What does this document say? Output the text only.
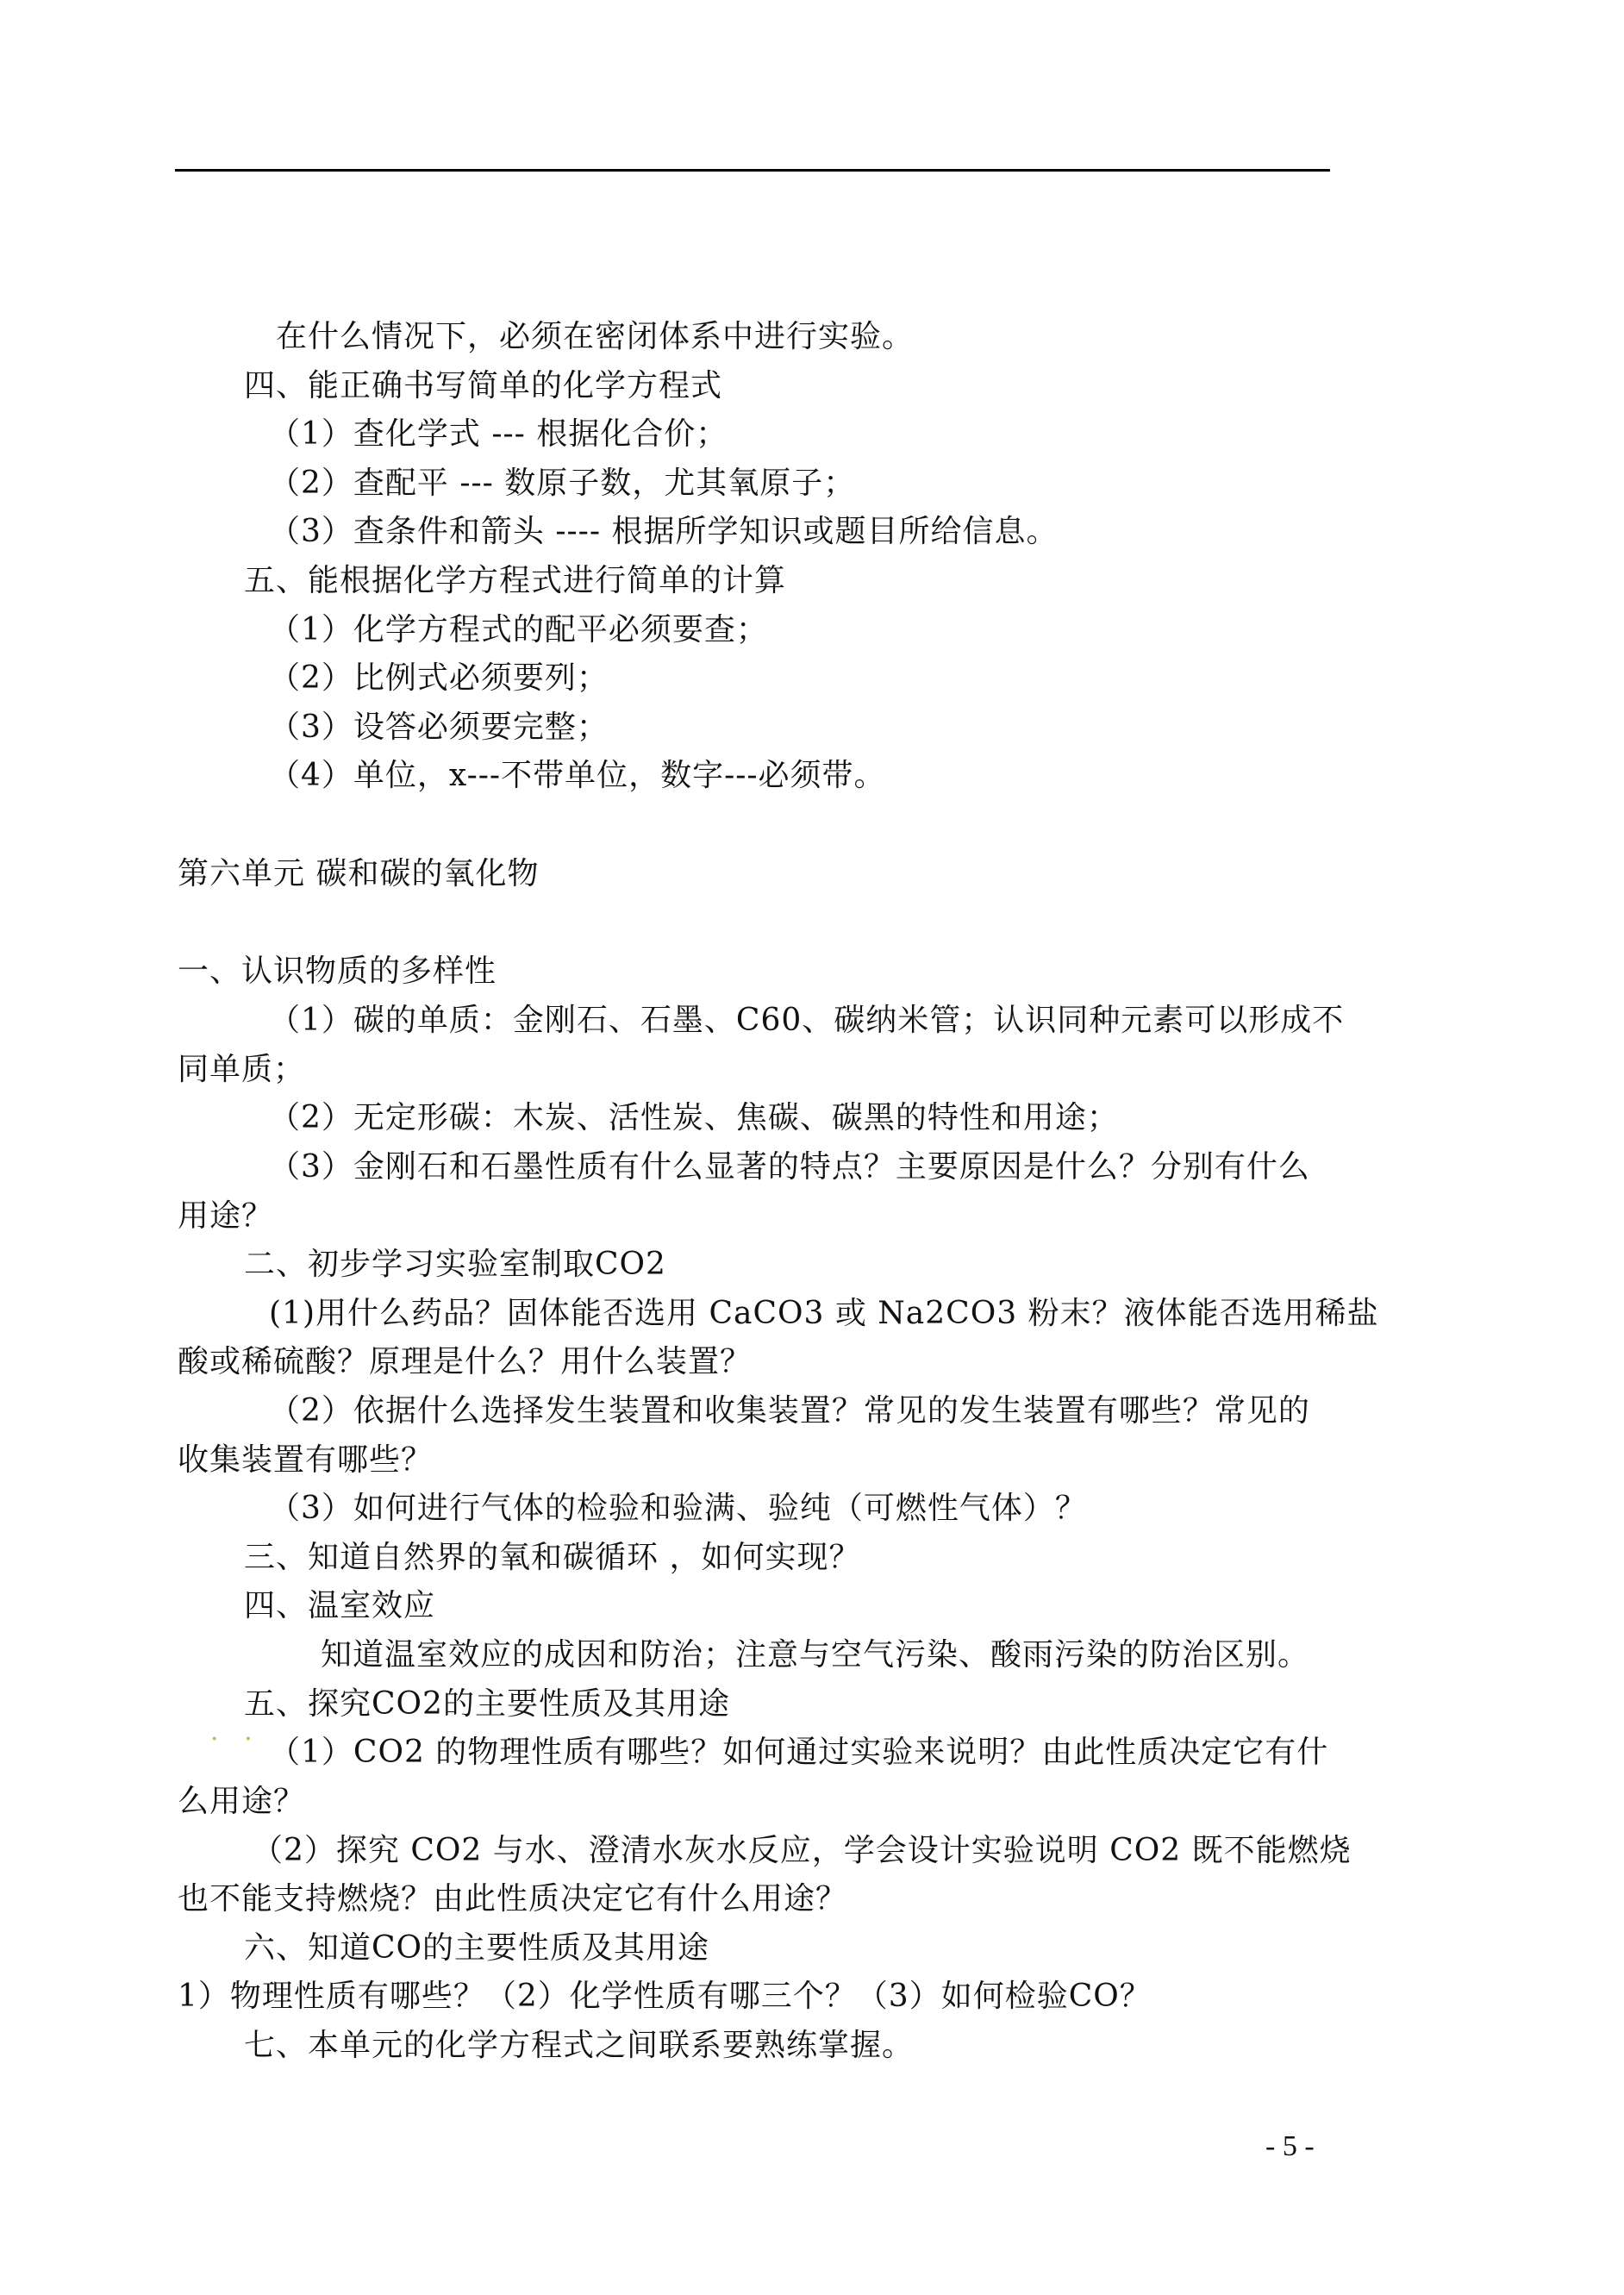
在什么情况下，必须在密闭体系中进行实验。
四、能正确书写简单的化学方程式
（1）查化学式 --- 根据化合价；
（2）查配平 --- 数原子数，尤其氧原子；
（3）查条件和箭头 ---- 根据所学知识或题目所给信息。
五、能根据化学方程式进行简单的计算
（1）化学方程式的配平必须要查；
（2）比例式必须要列；
（3）设答必须要完整；
（4）单位，x---不带单位，数字---必须带。
第六单元 碳和碳的氧化物
一、认识物质的多样性
（1）碳的单质：金刚石、石墨、C60、碳纳米管；认识同种元素可以形成不
同单质；
（2）无定形碳：木炭、活性炭、焦碳、碳黑的特性和用途；
（3）金刚石和石墨性质有什么显著的特点？主要原因是什么？分别有什么
用途？
二、初步学习实验室制取CO2
(1)用什么药品？固体能否选用 CaCO3 或 Na2CO3 粉末？液体能否选用稀盐
酸或稀硫酸？原理是什么？用什么装置？
（2）依据什么选择发生装置和收集装置？常见的发生装置有哪些？常见的
收集装置有哪些？
（3）如何进行气体的检验和验满、验纯（可燃性气体）？
三、知道自然界的氧和碳循环 ，如何实现？
四、温室效应
知道温室效应的成因和防治；注意与空气污染、酸雨污染的防治区别。
五、探究CO2的主要性质及其用途
. .
（1）CO2 的物理性质有哪些？如何通过实验来说明？由此性质决定它有什
么用途？
（2）探究 CO2 与水、澄清水灰水反应，学会设计实验说明 CO2 既不能燃烧
也不能支持燃烧？由此性质决定它有什么用途？
六、知道CO的主要性质及其用途
1）物理性质有哪些？（2）化学性质有哪三个？（3）如何检验CO？
七、本单元的化学方程式之间联系要熟练掌握。
- 5 -
